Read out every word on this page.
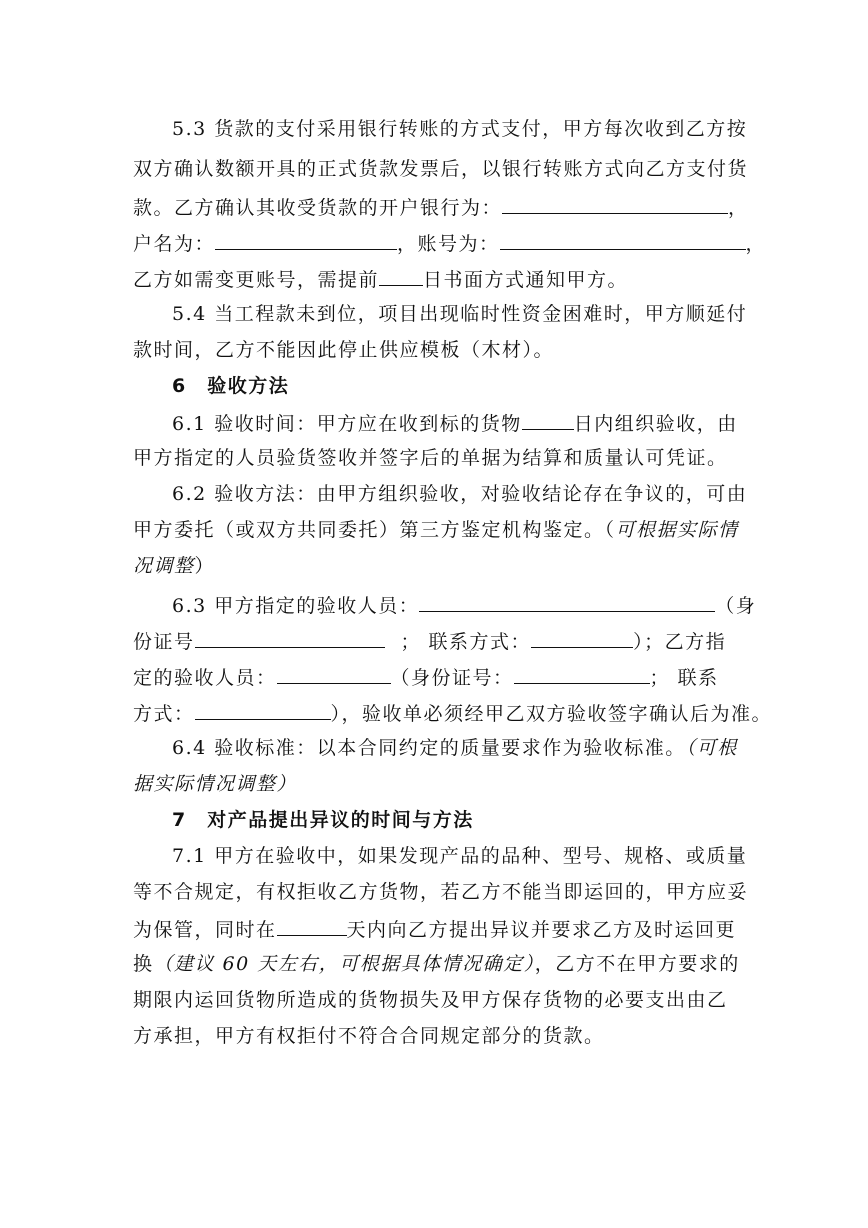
5.3 货款的支付采用银行转账的方式支付，甲方每次收到乙方按
双方确认数额开具的正式货款发票后，以银行转账方式向乙方支付货
款。乙方确认其收受货款的开户银行为：	，
户名为：	，账号为：	，
乙方如需变更账号，需提前 日书面方式通知甲方。
5.4 当工程款未到位，项目出现临时性资金困难时，甲方顺延付
款时间，乙方不能因此停止供应模板（木材）。
6　验收方法
6.1 验收时间：甲方应在收到标的货物	日内组织验收，由
甲方指定的人员验货签收并签字后的单据为结算和质量认可凭证。
6.2 验收方法：由甲方组织验收，对验收结论存在争议的，可由
甲方委托（或双方共同委托）第三方鉴定机构鉴定。（可根据实际情
况调整）
6.3 甲方指定的验收人员：	（身
份证号	； 联系方式：	）；乙方指
定的验收人员：	（身份证号：	； 联系
方式：	），验收单必须经甲乙双方验收签字确认后为准。
6.4 验收标准：以本合同约定的质量要求作为验收标准。（可根
据实际情况调整）
7　对产品提出异议的时间与方法
7.1 甲方在验收中，如果发现产品的品种、型号、规格、或质量
等不合规定，有权拒收乙方货物，若乙方不能当即运回的，甲方应妥
为保管，同时在	天内向乙方提出异议并要求乙方及时运回更
换（建议 60 天左右，可根据具体情况确定），乙方不在甲方要求的
期限内运回货物所造成的货物损失及甲方保存货物的必要支出由乙
方承担，甲方有权拒付不符合合同规定部分的货款。
